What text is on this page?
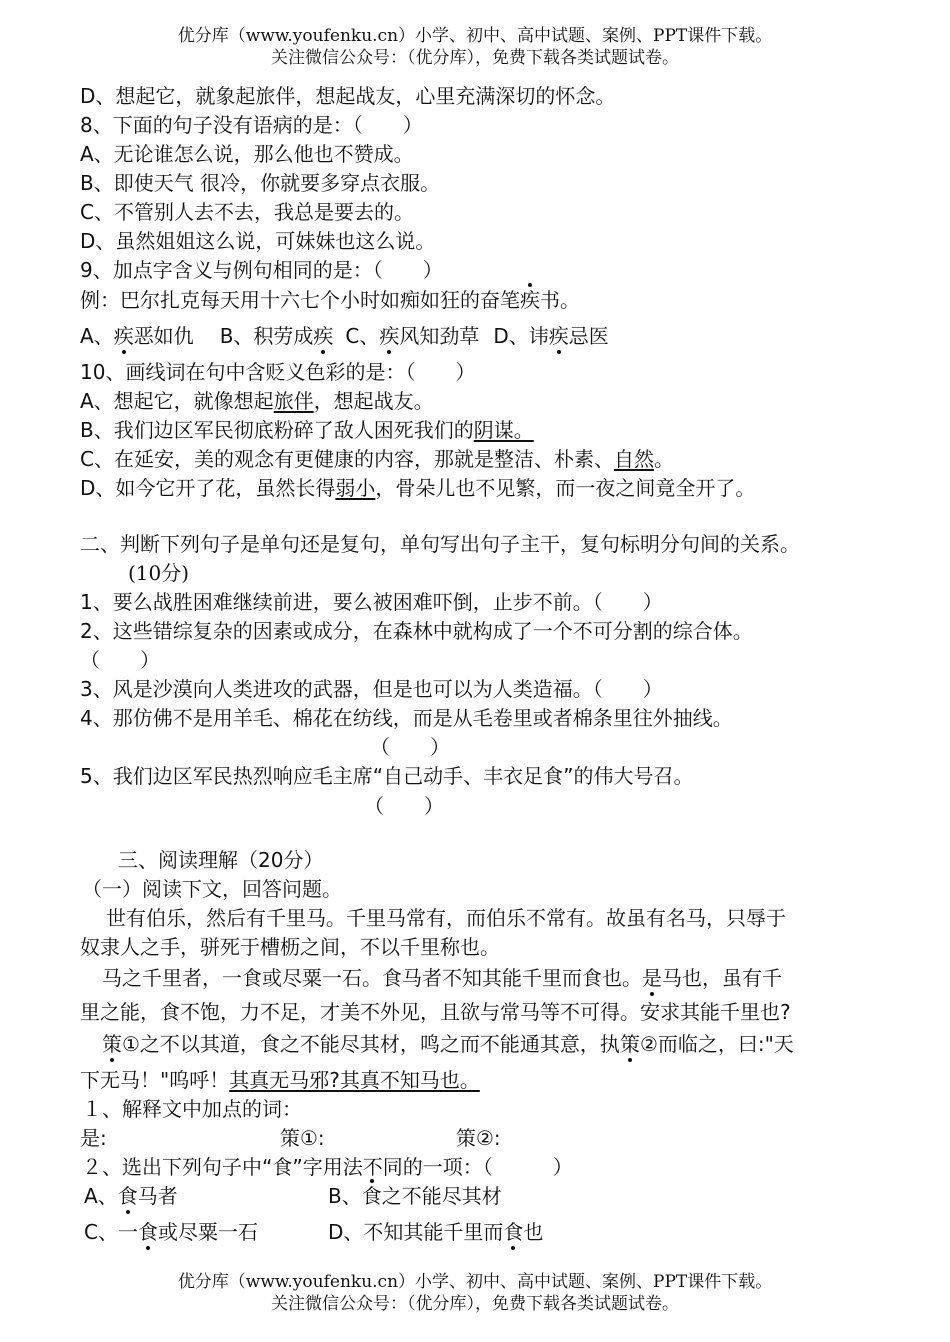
优分库（www.youfenku.cn）小学、初中、高中试题、案例、PPT课件下载。
关注微信公众号：（优分库），免费下载各类试题试卷。
D、想起它，就象起旅伴，想起战友，心里充满深切的怀念。
8、下面的句子没有语病的是：（　　）
A、无论谁怎么说，那么他也不赞成。
B、即使天气 很冷，你就要多穿点衣服。
C、不管别人去不去，我总是要去的。
D、虽然姐姐这么说，可妹妹也这么说。
9、加点字含义与例句相同的是：（　　）
例：巴尔扎克每天用十六七个小时如痴如狂的奋笔疾书。
A、疾恶如仇 B、积劳成疾 C、疾风知劲草 D、讳疾忌医
10、画线词在句中含贬义色彩的是：（　　）
A、想起它，就像想起旅伴，想起战友。
B、我们边区军民彻底粉碎了敌人困死我们的阴谋。
C、在延安，美的观念有更健康的内容，那就是整洁、朴素、自然。
D、如今它开了花，虽然长得弱小，骨朵儿也不见繁，而一夜之间竟全开了。
二、判断下列句子是单句还是复句，单句写出句子主干，复句标明分句间的关系。
(10分)
1、要么战胜困难继续前进，要么被困难吓倒，止步不前。（　　）
2、这些错综复杂的因素或成分，在森林中就构成了一个不可分割的综合体。
（　　）
3、风是沙漠向人类进攻的武器，但是也可以为人类造福。（　　）
4、那仿佛不是用羊毛、棉花在纺线，而是从毛卷里或者棉条里往外抽线。
（　　）
5、我们边区军民热烈响应毛主席“自己动手、丰衣足食”的伟大号召。
（　　）
三、阅读理解（20分）
（一）阅读下文，回答问题。
世有伯乐，然后有千里马。千里马常有，而伯乐不常有。故虽有名马，只辱于
奴隶人之手，骈死于槽枥之间，不以千里称也。
马之千里者，一食或尽粟一石。食马者不知其能千里而食也。是马也，虽有千
里之能，食不饱，力不足，才美不外见，且欲与常马等不可得。安求其能千里也?
策①之不以其道，食之不能尽其材，鸣之而不能通其意，执策②而临之，曰:"天
下无马！"呜呼！其真无马邪?其真不知马也。
１、解释文中加点的词：
是:	策①:	策②:
２、选出下列句子中“食”字用法不同的一项：（　　　）
A、食马者	B、食之不能尽其材
C、一食或尽粟一石	D、不知其能千里而食也
优分库（www.youfenku.cn）小学、初中、高中试题、案例、PPT课件下载。
关注微信公众号：（优分库），免费下载各类试题试卷。
